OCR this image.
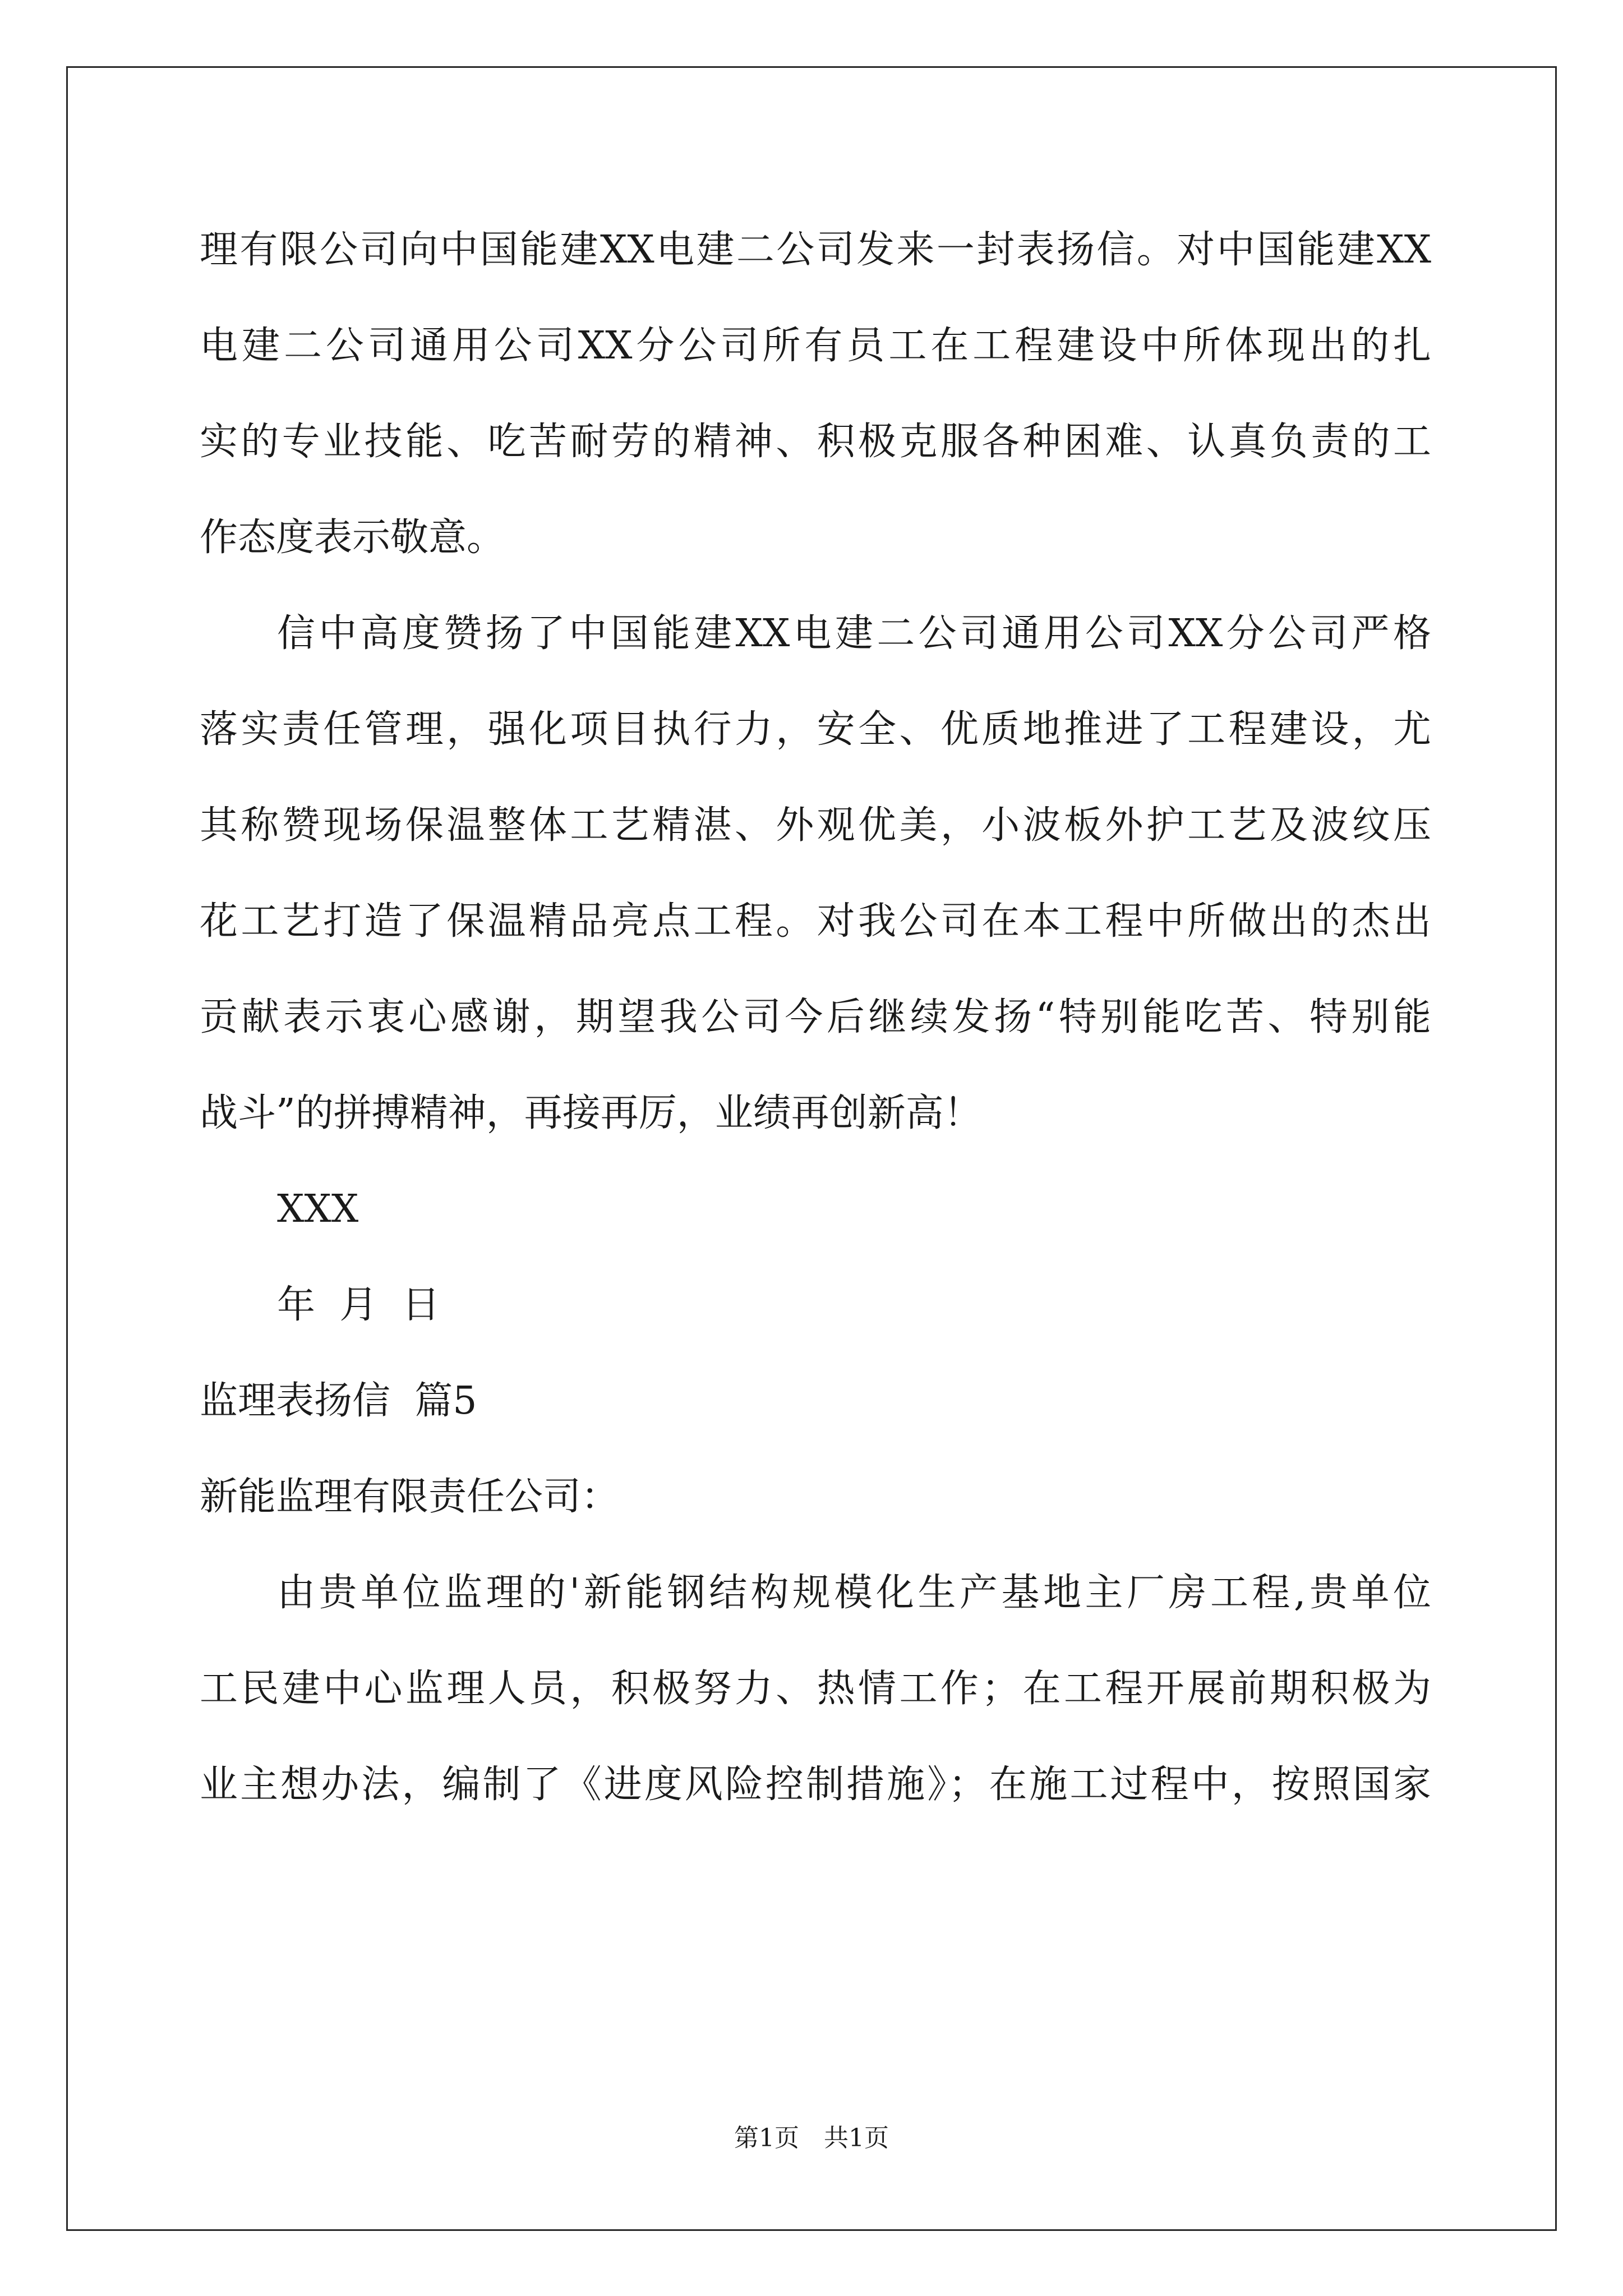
理有限公司向中国能建XX电建二公司发来一封表扬信。对中国能建XX
电建二公司通用公司XX分公司所有员工在工程建设中所体现出的扎
实的专业技能、吃苦耐劳的精神、积极克服各种困难、认真负责的工
作态度表示敬意。
信中高度赞扬了中国能建XX电建二公司通用公司XX分公司严格
落实责任管理，强化项目执行力，安全、优质地推进了工程建设，尤
其称赞现场保温整体工艺精湛、外观优美，小波板外护工艺及波纹压
花工艺打造了保温精品亮点工程。对我公司在本工程中所做出的杰出
贡献表示衷心感谢，期望我公司今后继续发扬“特别能吃苦、特别能
战斗”的拼搏精神，再接再厉，业绩再创新高！
XXX
年  月  日
监理表扬信  篇5
新能监理有限责任公司：
由贵单位监理的'新能钢结构规模化生产基地主厂房工程,贵单位
工民建中心监理人员，积极努力、热情工作；在工程开展前期积极为
业主想办法，编制了《进度风险控制措施》；在施工过程中，按照国家
第1页 共1页
